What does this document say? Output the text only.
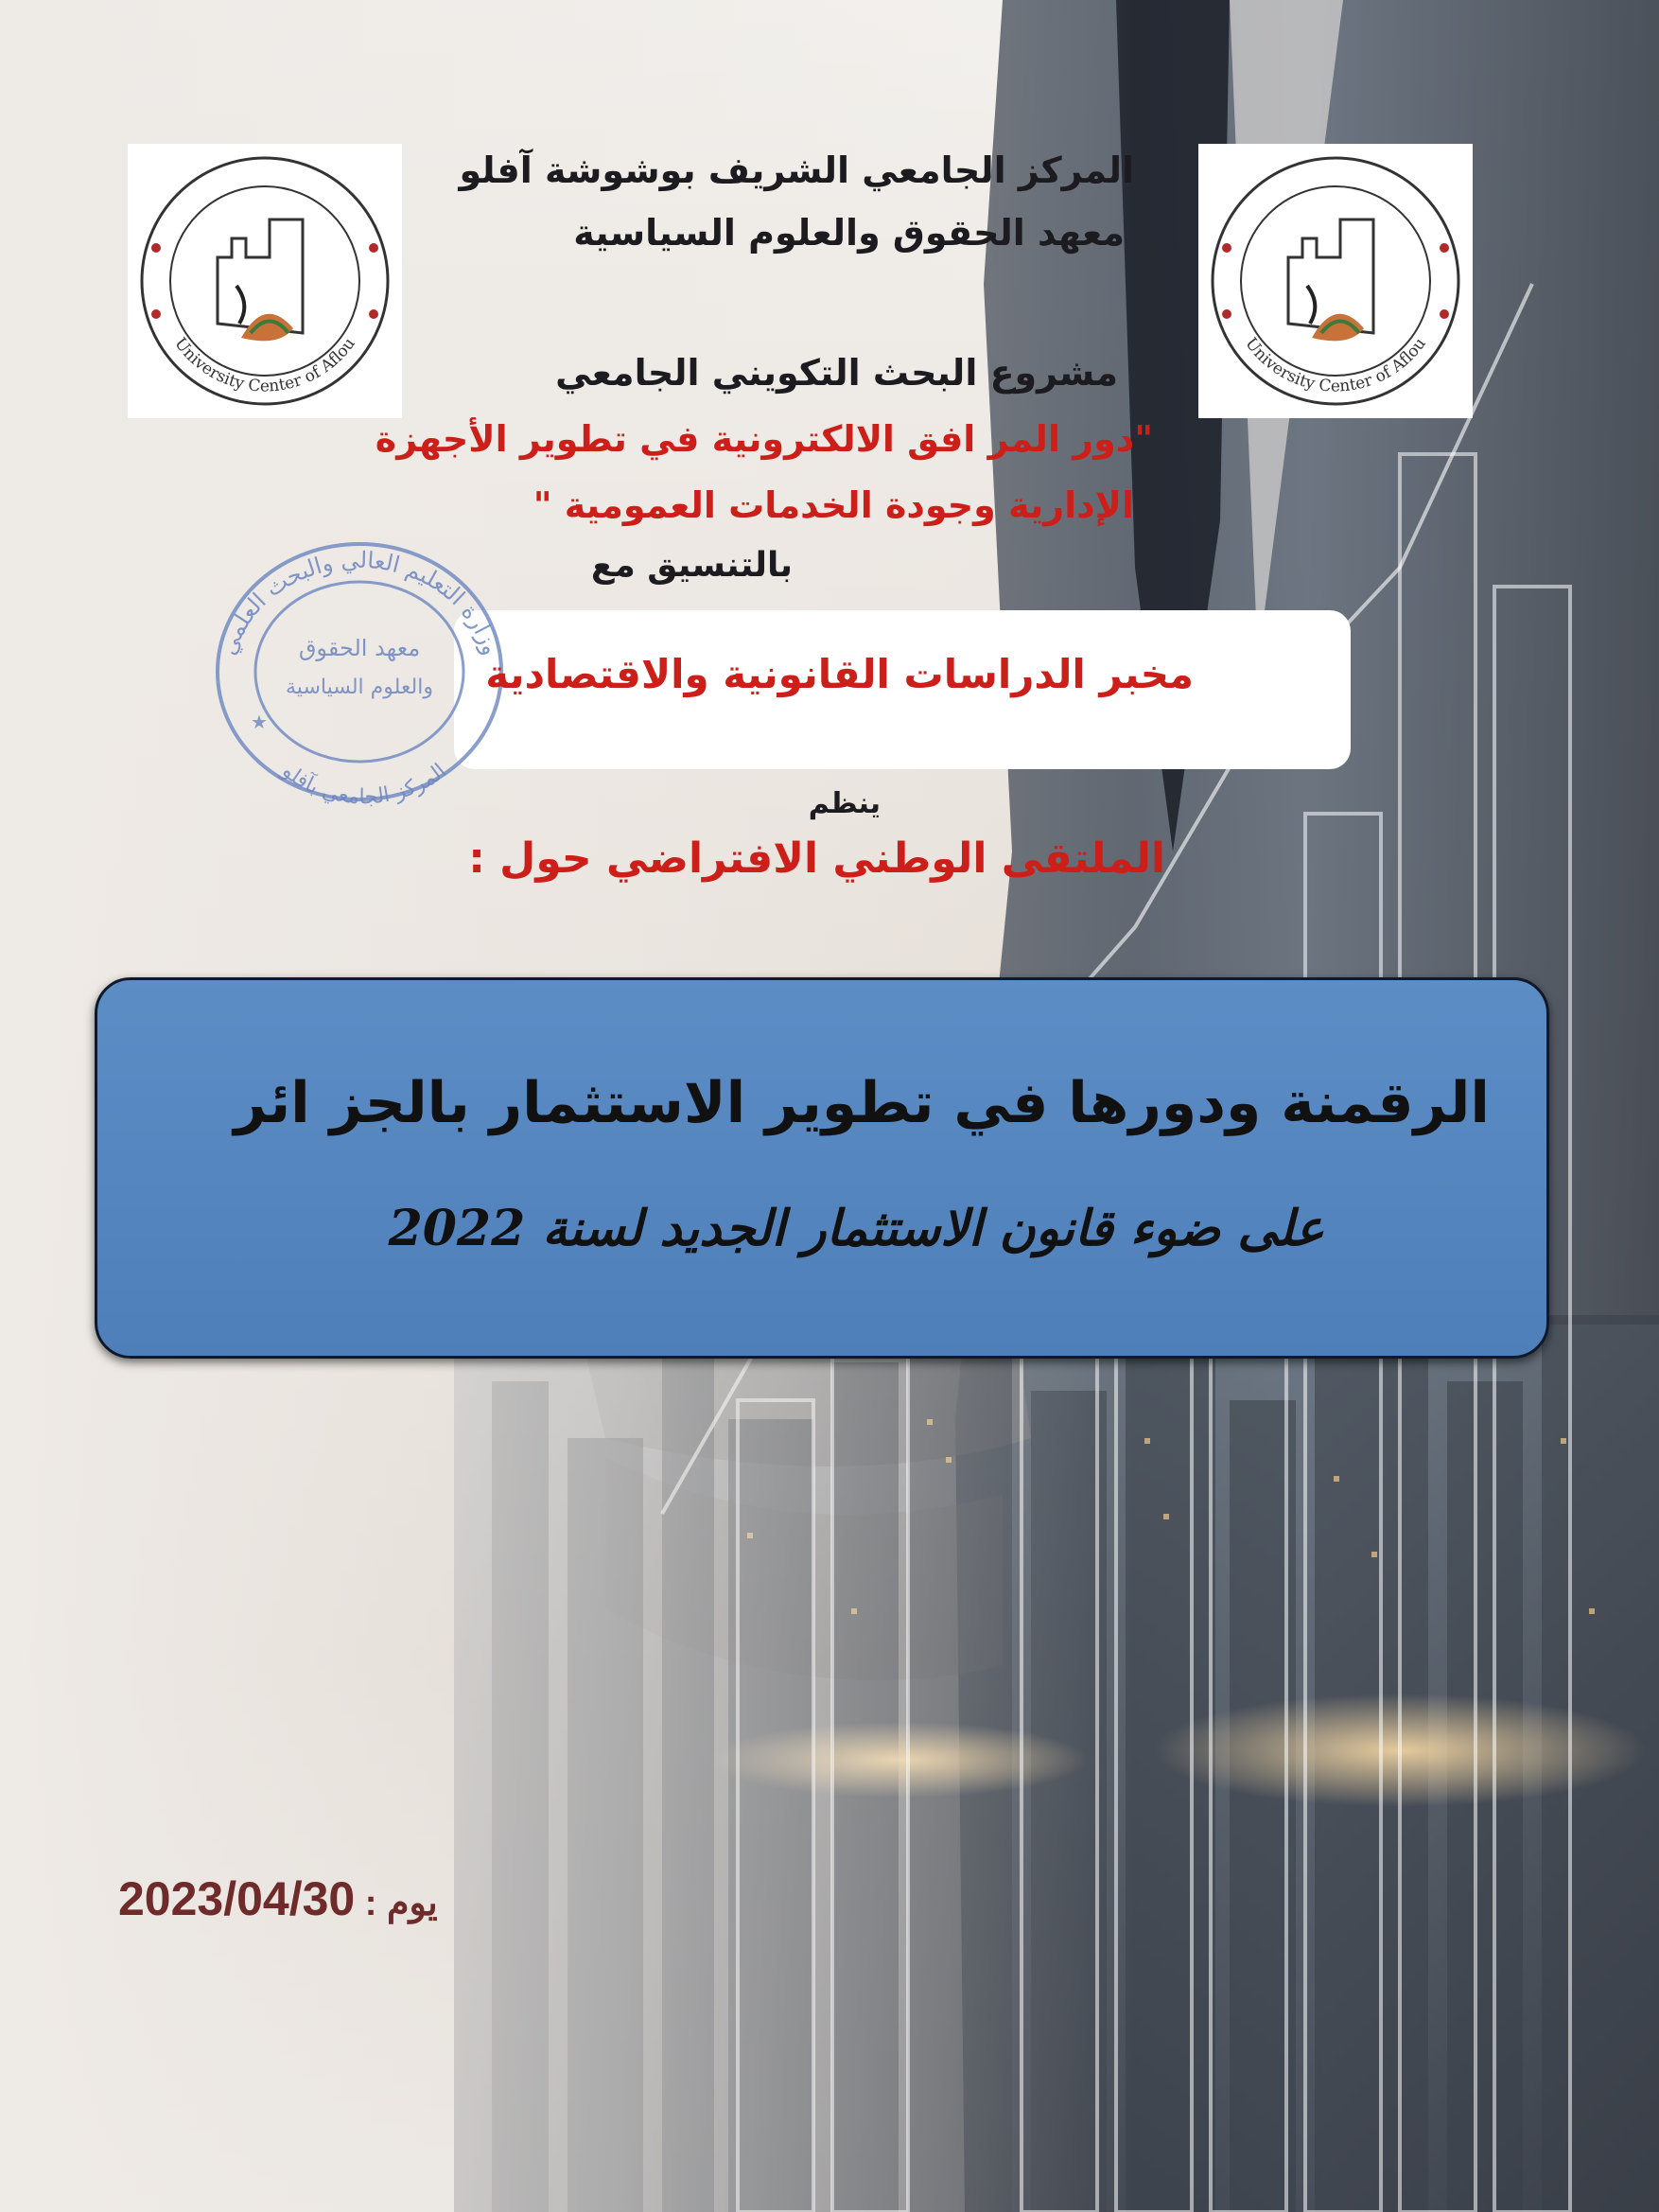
المركز الجامعي الشريف بوشوشة آفلو
معهد الحقوق والعلوم السياسية
مشروع البحث التكويني الجامعي
"دور المر افق الالكترونية في تطوير الأجهزة
الإدارية وجودة الخدمات العمومية "
بالتنسيق مع
وزارة التعليم العالي والبحث العلمي
المركز الجامعي بآفلو
معهد الحقوق
والعلوم السياسية
★
مخبر الدراسات القانونية والاقتصادية
ينظم
الملتقى الوطني الافتراضي حول :
الرقمنة ودورها في تطوير الاستثمار بالجز ائر
على ضوء قانون الاستثمار الجديد لسنة 2022
يوم : 2023/04/30
University Center of Aflou	University Center of Aflou
